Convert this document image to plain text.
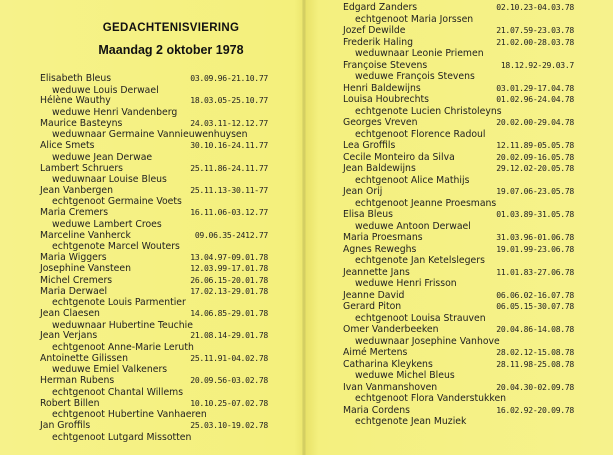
GEDACHTENISVIERING
Maandag 2 oktober 1978
Elisabeth Bleus	03.09.96-21.10.77
weduwe Louis Derwael
Hélène Wauthy	18.03.05-25.10.77
weduwe Henri Vandenberg
Maurice Basteyns	24.03.11-12.12.77
weduwnaar Germaine Vannieuwenhuysen
Alice Smets	30.10.16-24.11.77
weduwe Jean Derwae
Lambert Schruers	25.11.86-24.11.77
weduwnaar Louise Bleus
Jean Vanbergen	25.11.13-30.11-77
echtgenoot Germaine Voets
Maria Cremers	16.11.06-03.12.77
weduwe Lambert Croes
Marceline Vanherck	09.06.35-2412.77
echtgenote Marcel Wouters
Maria Wiggers	13.04.97-09.01.78
Josephine Vansteen	12.03.99-17.01.78
Michel Cremers	26.06.15-20.01.78
Maria Derwael	17.02.13-29.01.78
echtgenote Louis Parmentier
Jean Claesen	14.06.85-29.01.78
weduwnaar Hubertine Teuchie
Jean Verjans	21.08.14-29.01.78
echtgenoot Anne-Marie Leruth
Antoinette Gilissen	25.11.91-04.02.78
weduwe Emiel Valkeners
Herman Rubens	20.09.56-03.02.78
echtgenoot Chantal Willems
Robert Billen	10.10.25-07.02.78
echtgenoot Hubertine Vanhaeren
Jan Groffils	25.03.10-19.02.78
echtgenoot Lutgard Missotten
Edgard Zanders	02.10.23-04.03.78
echtgenoot Maria Jorssen
Jozef Dewilde	21.07.59-23.03.78
Frederik Haling	21.02.00-28.03.78
weduwnaar Leonie Priemen
Françoise Stevens	18.12.92-29.03.7
weduwe François Stevens
Henri Baldewijns	03.01.29-17.04.78
Louisa Houbrechts	01.02.96-24.04.78
echtgenote Lucien Christoleyns
Georges Vreven	20.02.00-29.04.78
echtgenoot Florence Radoul
Lea Groffils	12.11.89-05.05.78
Cecile Monteiro da Silva	20.02.09-16.05.78
Jean Baldewijns	29.12.02-20.05.78
echtgenoot Alice Mathijs
Jean Orij	19.07.06-23.05.78
echtgenoot Jeanne Proesmans
Elisa Bleus	01.03.89-31.05.78
weduwe Antoon Derwael
Maria Proesmans	31.03.96-01.06.78
Agnes Reweghs	19.01.99-23.06.78
echtgenote Jan Ketelslegers
Jeannette Jans	11.01.83-27.06.78
weduwe Henri Frisson
Jeanne David	06.06.02-16.07.78
Gerard Piton	06.05.15-30.07.78
echtgenoot Louisa Strauven
Omer Vanderbeeken	20.04.86-14.08.78
weduwnaar Josephine Vanhove
Aimé Mertens	28.02.12-15.08.78
Catharina Kleykens	28.11.98-25.08.78
weduwe Michel Bleus
Ivan Vanmanshoven	20.04.30-02.09.78
echtgenoot Flora Vanderstukken
Maria Cordens	16.02.92-20.09.78
echtgenote Jean Muziek
